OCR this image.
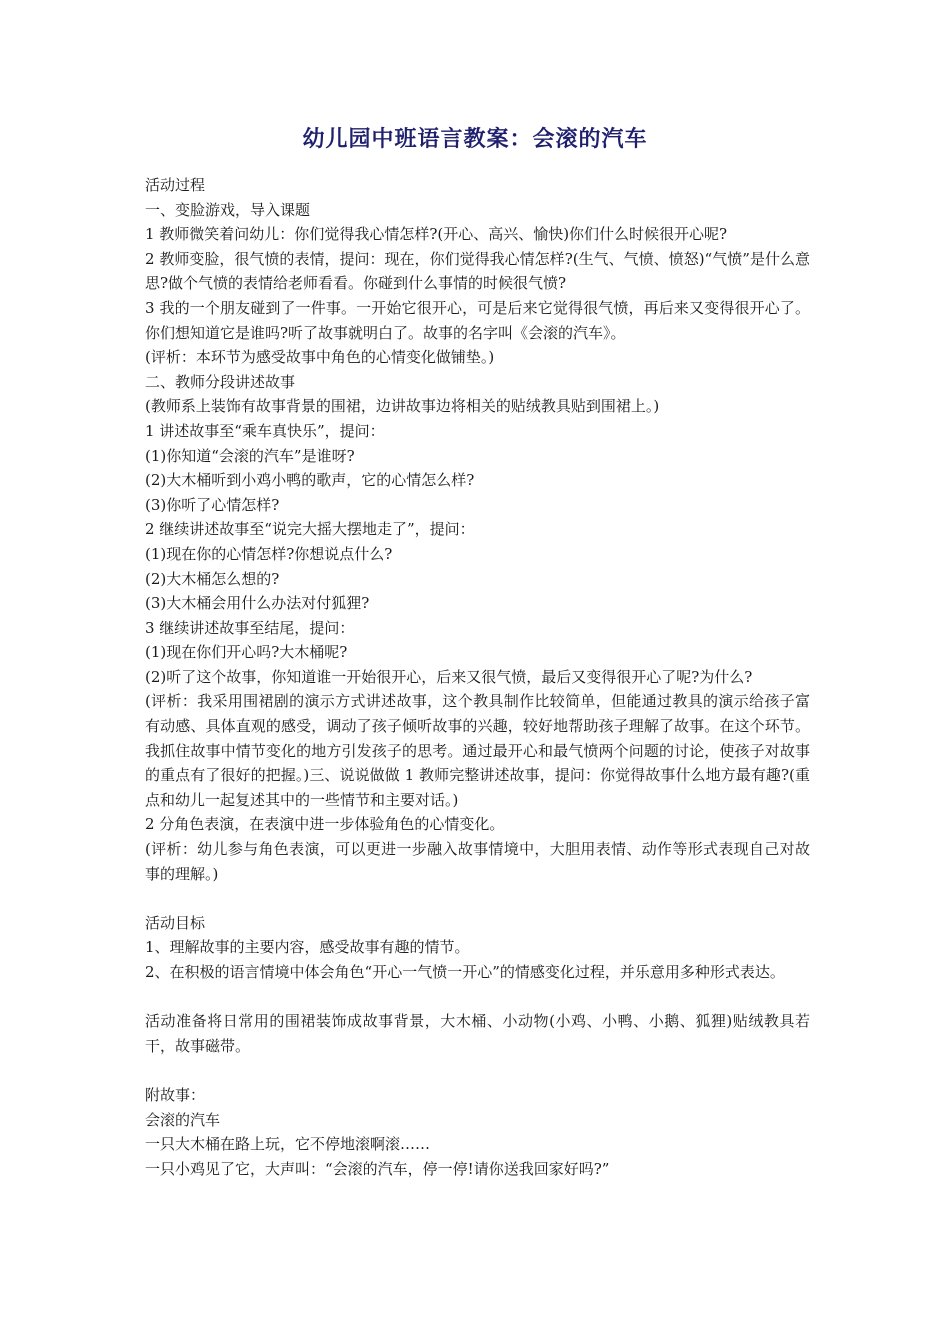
幼儿园中班语言教案：会滚的汽车
活动过程
一、变脸游戏，导入课题
1 教师微笑着问幼儿：你们觉得我心情怎样?(开心、高兴、愉快)你们什么时候很开心呢?
2 教师变脸，很气愤的表情，提问：现在，你们觉得我心情怎样?(生气、气愤、愤怒)“气愤”是什么意思?做个气愤的表情给老师看看。你碰到什么事情的时候很气愤?
3 我的一个朋友碰到了一件事。一开始它很开心，可是后来它觉得很气愤，再后来又变得很开心了。你们想知道它是谁吗?听了故事就明白了。故事的名字叫《会滚的汽车》。
(评析：本环节为感受故事中角色的心情变化做铺垫。)
二、教师分段讲述故事
(教师系上装饰有故事背景的围裙，边讲故事边将相关的贴绒教具贴到围裙上。)
1 讲述故事至“乘车真快乐”，提问：
(1)你知道“会滚的汽车”是谁呀?
(2)大木桶听到小鸡小鸭的歌声，它的心情怎么样?
(3)你听了心情怎样?
2 继续讲述故事至“说完大摇大摆地走了”，提问：
(1)现在你的心情怎样?你想说点什么?
(2)大木桶怎么想的?
(3)大木桶会用什么办法对付狐狸?
3 继续讲述故事至结尾，提问：
(1)现在你们开心吗?大木桶呢?
(2)听了这个故事，你知道谁一开始很开心，后来又很气愤，最后又变得很开心了呢?为什么?
(评析：我采用围裙剧的演示方式讲述故事，这个教具制作比较简单，但能通过教具的演示给孩子富有动感、具体直观的感受，调动了孩子倾听故事的兴趣，较好地帮助孩子理解了故事。在这个环节。我抓住故事中情节变化的地方引发孩子的思考。通过最开心和最气愤两个问题的讨论，使孩子对故事的重点有了很好的把握。)三、说说做做 1 教师完整讲述故事，提问：你觉得故事什么地方最有趣?(重点和幼儿一起复述其中的一些情节和主要对话。)
2 分角色表演，在表演中进一步体验角色的心情变化。
(评析：幼儿参与角色表演，可以更进一步融入故事情境中，大胆用表情、动作等形式表现自己对故事的理解。)
活动目标
1、理解故事的主要内容，感受故事有趣的情节。
2、在积极的语言情境中体会角色“开心一气愤一开心”的情感变化过程，并乐意用多种形式表达。
活动准备将日常用的围裙装饰成故事背景，大木桶、小动物(小鸡、小鸭、小鹅、狐狸)贴绒教具若干，故事磁带。
附故事：
会滚的汽车
一只大木桶在路上玩，它不停地滚啊滚……
一只小鸡见了它，大声叫：“会滚的汽车，停一停!请你送我回家好吗?”
